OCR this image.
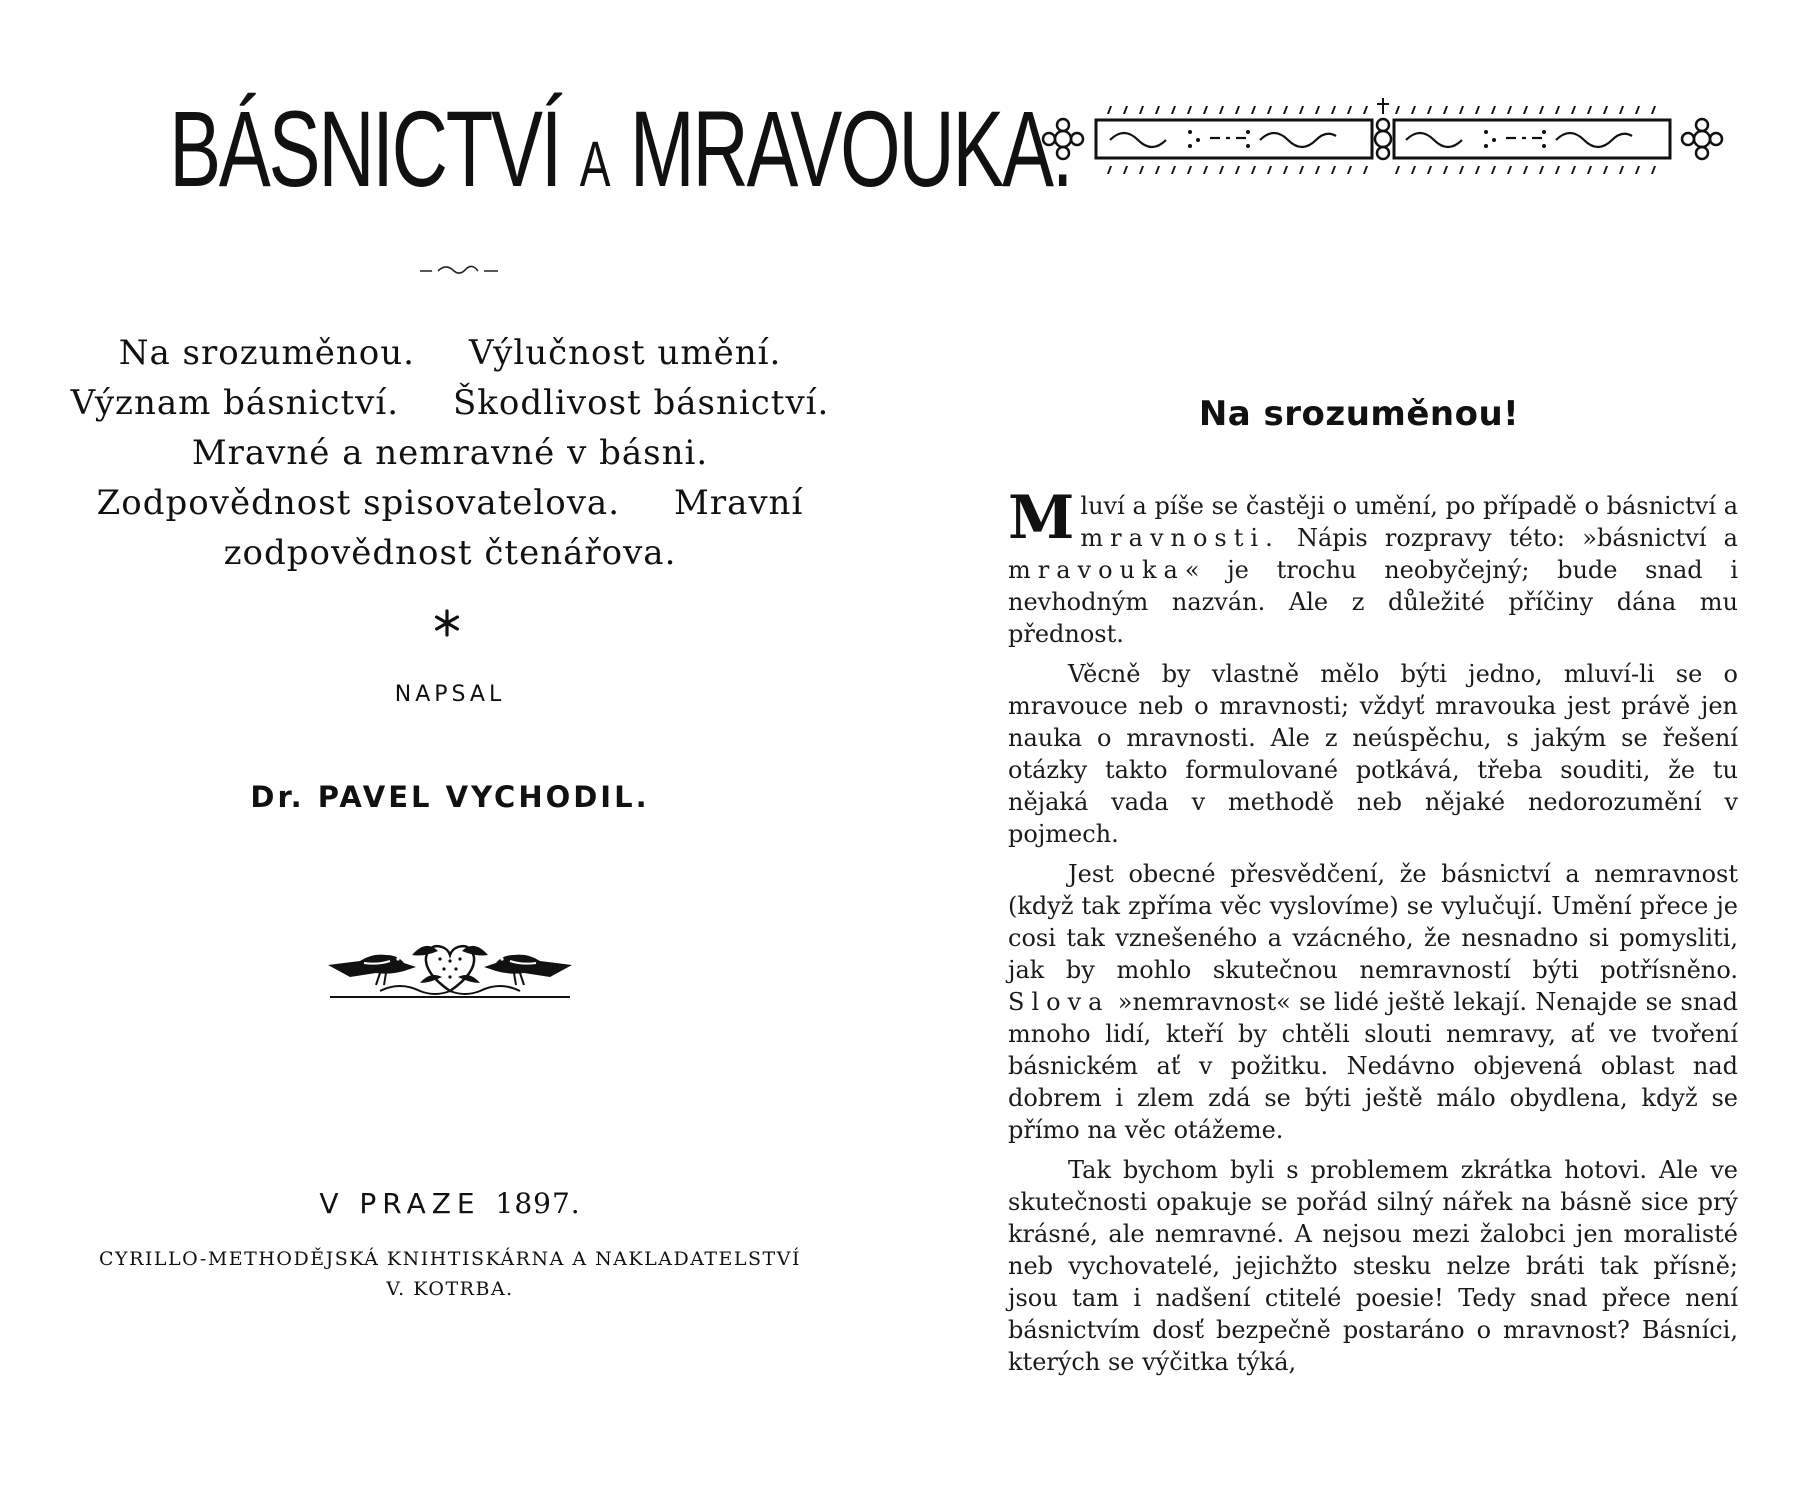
BÁSNICTVÍ A MRAVOUKA.
Na srozuměnou. Výlučnost umění.
Význam básnictví. Škodlivost básnictví.
Mravné a nemravné v básni.
Zodpovědnost spisovatelova. Mravní
zodpovědnost čtenářova.
NAPSAL
Dr. PAVEL VYCHODIL.
V PRAZE 1897.
CYRILLO-METHODĚJSKÁ KNIHTISKÁRNA A NAKLADATELSTVÍ
V. KOTRBA.
Na srozuměnou!

Mluví a píše se častěji o umění, po případě o básnictví a mravnosti. Nápis rozpravy této: »básnictví a mravouka« je trochu neobyčejný; bude snad i nevhodným nazván. Ale z důležité příčiny dána mu přednost.

Věcně by vlastně mělo býti jedno, mluví-li se o mravouce neb o mravnosti; vždyť mravouka jest právě jen nauka o mravnosti. Ale z neúspěchu, s jakým se řešení otázky takto formulované potkává, třeba souditi, že tu nějaká vada v methodě neb nějaké nedorozumění v pojmech.

Jest obecné přesvědčení, že básnictví a nemravnost (když tak zpříma věc vyslovíme) se vylučují. Umění přece je cosi tak vznešeného a vzácného, že nesnadno si pomysliti, jak by mohlo skutečnou nemravností býti potřísněno. Slova »nemravnost« se lidé ještě lekají. Nenajde se snad mnoho lidí, kteří by chtěli slouti nemravy, ať ve tvoření básnickém ať v požitku. Nedávno objevená oblast nad dobrem i zlem zdá se býti ještě málo obydlena, když se přímo na věc otážeme.

Tak bychom byli s problemem zkrátka hotovi. Ale ve skutečnosti opakuje se pořád silný nářek na básně sice prý krásné, ale nemravné. A nejsou mezi žalobci jen moralisté neb vychovatelé, jejichžto stesku nelze bráti tak přísně; jsou tam i nadšení ctitelé poesie! Tedy snad přece není básnictvím dosť bezpečně postaráno o mravnost? Básníci, kterých se výčitka týká,
